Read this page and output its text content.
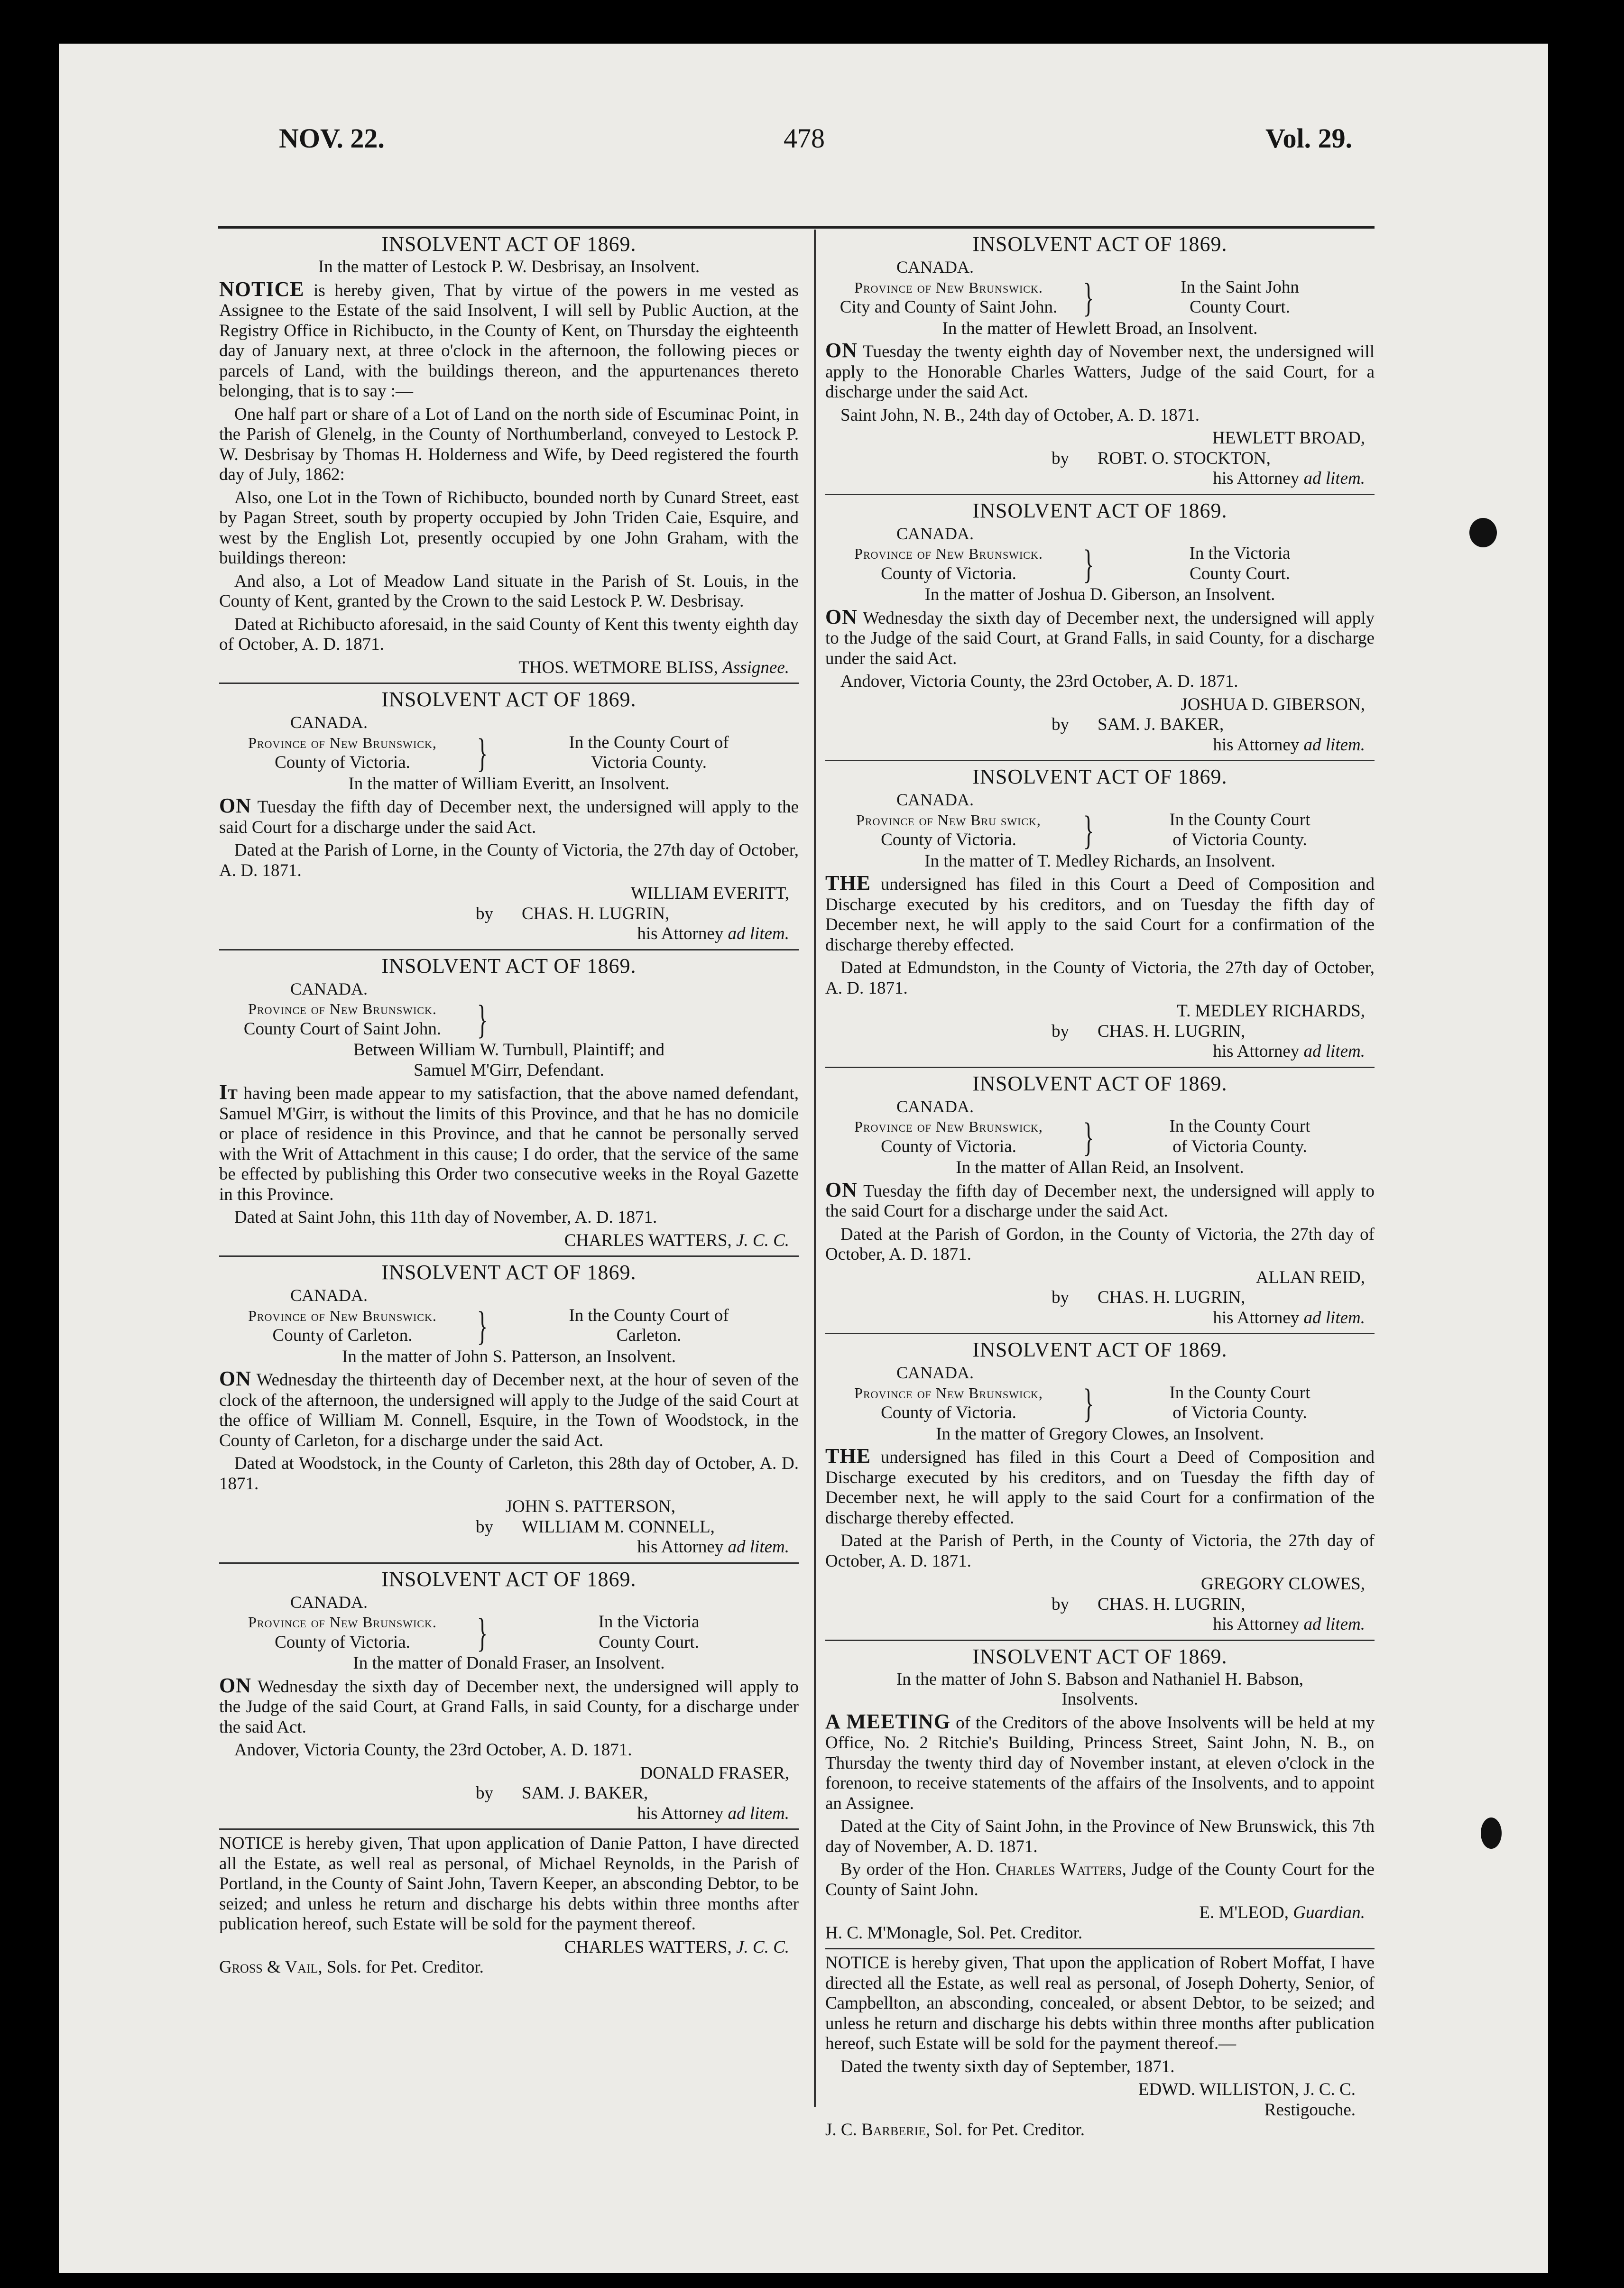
NOV. 22.	478	Vol. 29.
INSOLVENT ACT OF 1869.
In the matter of Lestock P. W. Desbrisay, an Insolvent.

NOTICE is hereby given, That by virtue of the powers in me vested as Assignee to the Estate of the said Insolvent, I will sell by Public Auction, at the Registry Office in Richibucto, in the County of Kent, on Thursday the eighteenth day of January next, at three o'clock in the afternoon, the following pieces or parcels of Land, with the buildings thereon, and the appurtenances thereto belonging, that is to say :—

One half part or share of a Lot of Land on the north side of Escuminac Point, in the Parish of Glenelg, in the County of Northumberland, conveyed to Lestock P. W. Desbrisay by Thomas H. Holderness and Wife, by Deed registered the fourth day of July, 1862:

Also, one Lot in the Town of Richibucto, bounded north by Cunard Street, east by Pagan Street, south by property occupied by John Triden Caie, Esquire, and west by the English Lot, presently occupied by one John Graham, with the buildings thereon:

And also, a Lot of Meadow Land situate in the Parish of St. Louis, in the County of Kent, granted by the Crown to the said Lestock P. W. Desbrisay.

Dated at Richibucto aforesaid, in the said County of Kent this twenty eighth day of October, A. D. 1871.

THOS. WETMORE BLISS, Assignee.
INSOLVENT ACT OF 1869.
CANADA.
Province of New Brunswick,
County of Victoria.	}	In the County Court of
Victoria County.
In the matter of William Everitt, an Insolvent.

ON Tuesday the fifth day of December next, the undersigned will apply to the said Court for a discharge under the said Act.

Dated at the Parish of Lorne, in the County of Victoria, the 27th day of October, A. D. 1871.

WILLIAM EVERITT,
by CHAS. H. LUGRIN,
his Attorney ad litem.
INSOLVENT ACT OF 1869.
CANADA.
Province of New Brunswick.
County Court of Saint John. }
Between William W. Turnbull, Plaintiff; and
Samuel M'Girr, Defendant.

It having been made appear to my satisfaction, that the above named defendant, Samuel M'Girr, is without the limits of this Province, and that he has no domicile or place of residence in this Province, and that he cannot be personally served with the Writ of Attachment in this cause; I do order, that the service of the same be effected by publishing this Order two consecutive weeks in the Royal Gazette in this Province.

Dated at Saint John, this 11th day of November, A. D. 1871.

CHARLES WATTERS, J. C. C.
INSOLVENT ACT OF 1869.
CANADA.
Province of New Brunswick.
County of Carleton.	}	In the County Court of
Carleton.
In the matter of John S. Patterson, an Insolvent.

ON Wednesday the thirteenth day of December next, at the hour of seven of the clock of the afternoon, the undersigned will apply to the Judge of the said Court at the office of William M. Connell, Esquire, in the Town of Woodstock, in the County of Carleton, for a discharge under the said Act.

Dated at Woodstock, in the County of Carleton, this 28th day of October, A. D. 1871.

JOHN S. PATTERSON,
by WILLIAM M. CONNELL,
his Attorney ad litem.
INSOLVENT ACT OF 1869.
CANADA.
Province of New Brunswick.
County of Victoria.	}	In the Victoria
County Court.
In the matter of Donald Fraser, an Insolvent.

ON Wednesday the sixth day of December next, the undersigned will apply to the Judge of the said Court, at Grand Falls, in said County, for a discharge under the said Act.

Andover, Victoria County, the 23rd October, A. D. 1871.

DONALD FRASER,
by SAM. J. BAKER,
his Attorney ad litem.

NOTICE is hereby given, That upon application of Danie Patton, I have directed all the Estate, as well real as personal, of Michael Reynolds, in the Parish of Portland, in the County of Saint John, Tavern Keeper, an absconding Debtor, to be seized; and unless he return and discharge his debts within three months after publication hereof, such Estate will be sold for the payment thereof.

CHARLES WATTERS, J. C. C.
Gross & Vail, Sols. for Pet. Creditor.
INSOLVENT ACT OF 1869.
CANADA.
Province of New Brunswick.
City and County of Saint John. }	In the Saint John
County Court.
In the matter of Hewlett Broad, an Insolvent.

ON Tuesday the twenty eighth day of November next, the undersigned will apply to the Honorable Charles Watters, Judge of the said Court, for a discharge under the said Act.

Saint John, N. B., 24th day of October, A. D. 1871.

HEWLETT BROAD,
by ROBT. O. STOCKTON,
his Attorney ad litem.
INSOLVENT ACT OF 1869.
CANADA.
Province of New Brunswick.
County of Victoria.	}	In the Victoria
County Court.
In the matter of Joshua D. Giberson, an Insolvent.

ON Wednesday the sixth day of December next, the undersigned will apply to the Judge of the said Court, at Grand Falls, in said County, for a discharge under the said Act.

Andover, Victoria County, the 23rd October, A. D. 1871.

JOSHUA D. GIBERSON,
by SAM. J. BAKER,
his Attorney ad litem.
INSOLVENT ACT OF 1869.
CANADA.
Province of New Bru swick,
County of Victoria.	}	In the County Court
of Victoria County.
In the matter of T. Medley Richards, an Insolvent.

THE undersigned has filed in this Court a Deed of Composition and Discharge executed by his creditors, and on Tuesday the fifth day of December next, he will apply to the said Court for a confirmation of the discharge thereby effected.

Dated at Edmundston, in the County of Victoria, the 27th day of October, A. D. 1871.

T. MEDLEY RICHARDS,
by CHAS. H. LUGRIN,
his Attorney ad litem.
INSOLVENT ACT OF 1869.
CANADA.
Province of New Brunswick,
County of Victoria.	}	In the County Court
of Victoria County.
In the matter of Allan Reid, an Insolvent.

ON Tuesday the fifth day of December next, the undersigned will apply to the said Court for a discharge under the said Act.

Dated at the Parish of Gordon, in the County of Victoria, the 27th day of October, A. D. 1871.

ALLAN REID,
by CHAS. H. LUGRIN,
his Attorney ad litem.
INSOLVENT ACT OF 1869.
CANADA.
Province of New Brunswick,
County of Victoria.	}	In the County Court
of Victoria County.
In the matter of Gregory Clowes, an Insolvent.

THE undersigned has filed in this Court a Deed of Composition and Discharge executed by his creditors, and on Tuesday the fifth day of December next, he will apply to the said Court for a confirmation of the discharge thereby effected.

Dated at the Parish of Perth, in the County of Victoria, the 27th day of October, A. D. 1871.

GREGORY CLOWES,
by CHAS. H. LUGRIN,
his Attorney ad litem.
INSOLVENT ACT OF 1869.
In the matter of John S. Babson and Nathaniel H. Babson,
Insolvents.

A MEETING of the Creditors of the above Insolvents will be held at my Office, No. 2 Ritchie's Building, Princess Street, Saint John, N. B., on Thursday the twenty third day of November instant, at eleven o'clock in the forenoon, to receive statements of the affairs of the Insolvents, and to appoint an Assignee.

Dated at the City of Saint John, in the Province of New Brunswick, this 7th day of November, A. D. 1871.

By order of the Hon. Charles Watters, Judge of the County Court for the County of Saint John.

E. M'LEOD, Guardian.
H. C. M'Monagle, Sol. Pet. Creditor.

NOTICE is hereby given, That upon the application of Robert Moffat, I have directed all the Estate, as well real as personal, of Joseph Doherty, Senior, of Campbellton, an absconding, concealed, or absent Debtor, to be seized; and unless he return and discharge his debts within three months after publication hereof, such Estate will be sold for the payment thereof.—

Dated the twenty sixth day of September, 1871.

EDWD. WILLISTON, J. C. C.
Restigouche.
J. C. Barberie, Sol. for Pet. Creditor.
